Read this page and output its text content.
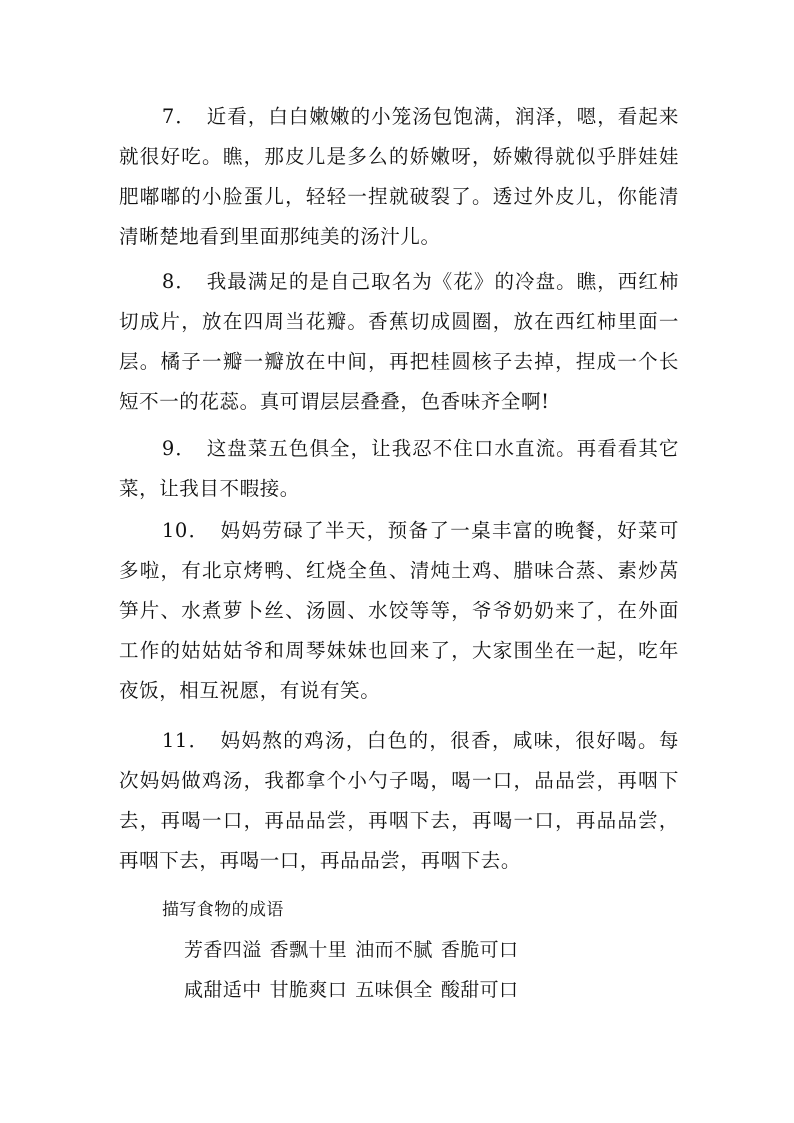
7．　近看，白白嫩嫩的小笼汤包饱满，润泽，嗯，看起来就很好吃。瞧，那皮儿是多么的娇嫩呀，娇嫩得就似乎胖娃娃肥嘟嘟的小脸蛋儿，轻轻一捏就破裂了。透过外皮儿，你能清清晰楚地看到里面那纯美的汤汁儿。

8．　我最满足的是自己取名为《花》的冷盘。瞧，西红柿切成片，放在四周当花瓣。香蕉切成圆圈，放在西红柿里面一层。橘子一瓣一瓣放在中间，再把桂圆核子去掉，捏成一个长短不一的花蕊。真可谓层层叠叠，色香味齐全啊!

9．　这盘菜五色俱全，让我忍不住口水直流。再看看其它菜，让我目不暇接。

10．　妈妈劳碌了半天，预备了一桌丰富的晚餐，好菜可多啦，有北京烤鸭、红烧全鱼、清炖土鸡、腊味合蒸、素炒莴笋片、水煮萝卜丝、汤圆、水饺等等，爷爷奶奶来了，在外面工作的姑姑姑爷和周琴妹妹也回来了，大家围坐在一起，吃年夜饭，相互祝愿，有说有笑。

11．　妈妈熬的鸡汤，白色的，很香，咸味，很好喝。每次妈妈做鸡汤，我都拿个小勺子喝，喝一口，品品尝，再咽下去，再喝一口，再品品尝，再咽下去，再喝一口，再品品尝，再咽下去，再喝一口，再品品尝，再咽下去。

描写食物的成语

芳香四溢 香飘十里 油而不腻 香脆可口

咸甜适中 甘脆爽口 五味俱全 酸甜可口
